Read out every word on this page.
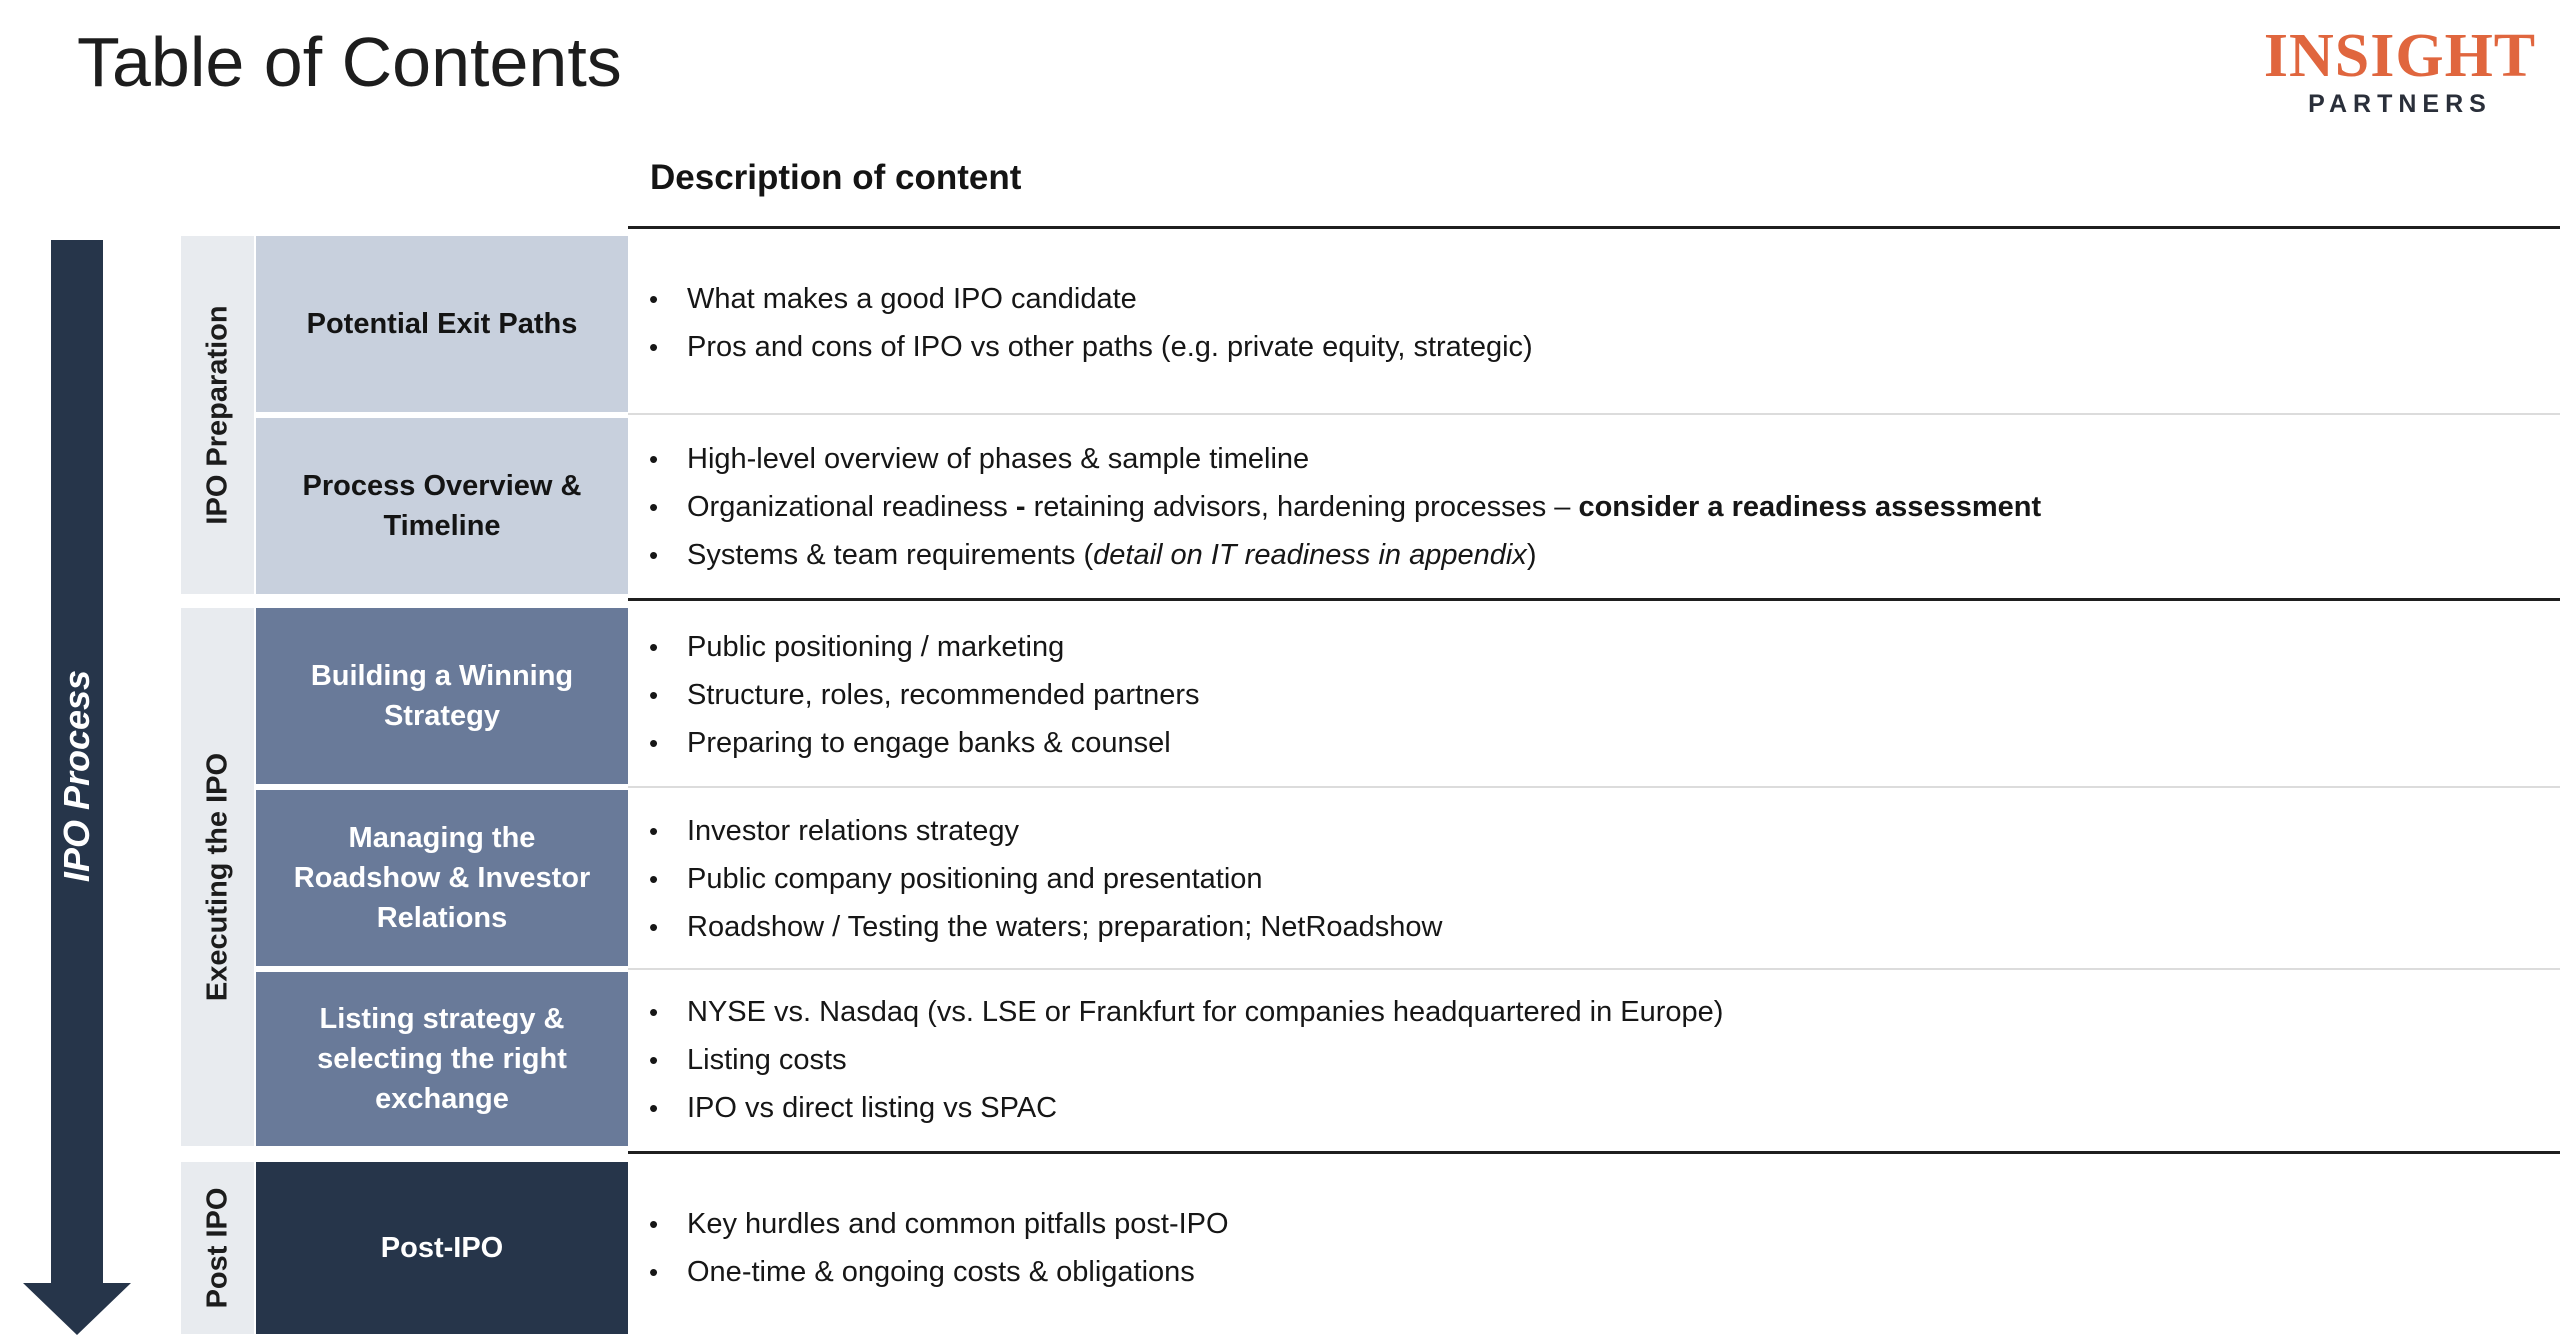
Table of Contents	INSIGHT
PARTNERS
Description of content
IPO Process
IPO Preparation
Executing the IPO
Post IPO
Potential Exit Paths
Process Overview & Timeline
Building a Winning Strategy
Managing the Roadshow & Investor Relations
Listing strategy & selecting the right exchange
Post-IPO
• What makes a good IPO candidate
• Pros and cons of IPO vs other paths (e.g. private equity, strategic)
• High-level overview of phases & sample timeline
• Organizational readiness - retaining advisors, hardening processes – consider a readiness assessment
• Systems & team requirements (detail on IT readiness in appendix)
• Public positioning / marketing
• Structure, roles, recommended partners
• Preparing to engage banks & counsel
• Investor relations strategy
• Public company positioning and presentation
• Roadshow / Testing the waters; preparation; NetRoadshow
• NYSE vs. Nasdaq (vs. LSE or Frankfurt for companies headquartered in Europe)
• Listing costs
• IPO vs direct listing vs SPAC
• Key hurdles and common pitfalls post-IPO
• One-time & ongoing costs & obligations
